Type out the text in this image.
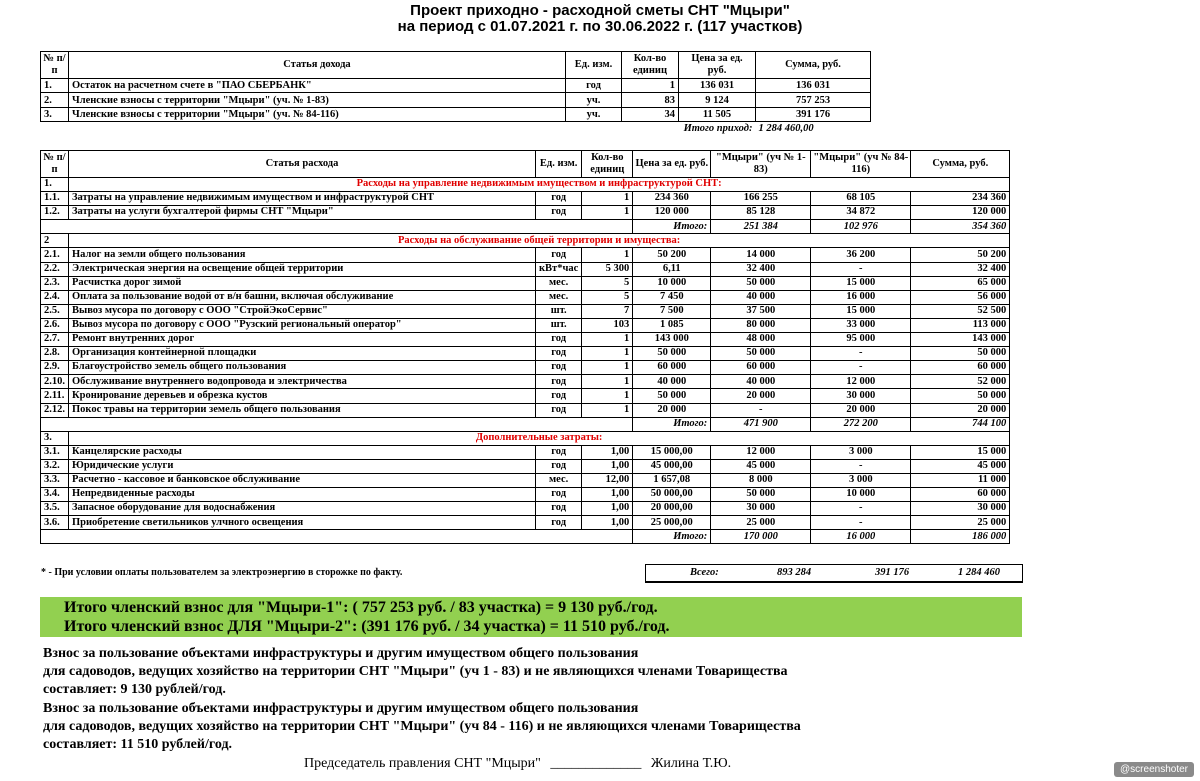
Проект приходно - расходной сметы СНТ "Мцыри"
на период с 01.07.2021 г. по 30.06.2022 г. (117 участков)
№ п/п	Статья дохода	Ед. изм.	Кол-во единиц	Цена за ед. руб.	Сумма, руб.
1.	Остаток на расчетном счете в "ПАО СБЕРБАНК"	год	1	136 031	136 031
2.	Членские взносы с территории "Мцыри" (уч. № 1-83)	уч.	83	9 124	757 253
3.	Членские взносы с территории "Мцыри" (уч. № 84-116)	уч.	34	11 505	391 176
				Итого приход:	1 284 460,00
№ п/п	Статья расхода	Ед. изм.	Кол-во единиц	Цена за ед. руб.	"Мцыри" (уч № 1-83)	"Мцыри" (уч № 84-116)	Сумма, руб.
1.	Расходы на управление недвижимым имуществом и инфраструктурой СНТ:						
1.1.	Затраты на управление недвижимым имуществом и инфраструктурой СНТ	год	1	234 360	166 255	68 105	234 360
1.2.	Затраты на услуги бухгалтерой фирмы СНТ "Мцыри"	год	1	120 000	85 128	34 872	120 000
				Итого:	251 384	102 976	354 360
2	Расходы на обслуживание общей территории и имущества:						
2.1.	Налог на земли общего пользования	год	1	50 200	14 000	36 200	50 200
2.2.	Электрическая энергия на освещение общей территории	кВт*час	5 300	6,11	32 400	-	32 400
2.3.	Расчистка дорог зимой	мес.	5	10 000	50 000	15 000	65 000
2.4.	Оплата за пользование водой от в/н башни, включая обслуживание	мес.	5	7 450	40 000	16 000	56 000
2.5.	Вывоз мусора по договору с ООО "СтройЭкоСервис"	шт.	7	7 500	37 500	15 000	52 500
2.6.	Вывоз мусора по договору с ООО "Рузский региональный оператор"	шт.	103	1 085	80 000	33 000	113 000
2.7.	Ремонт внутренних дорог	год	1	143 000	48 000	95 000	143 000
2.8.	Организация контейнерной площадки	год	1	50 000	50 000	-	50 000
2.9.	Благоустройство земель общего пользования	год	1	60 000	60 000	-	60 000
2.10.	Обслуживание внутреннего водопровода и электричества	год	1	40 000	40 000	12 000	52 000
2.11.	Кронирование деревьев и обрезка кустов	год	1	50 000	20 000	30 000	50 000
2.12.	Покос травы на территории земель общего пользования	год	1	20 000	-	20 000	20 000
				Итого:	471 900	272 200	744 100
3.	Дополнительные затраты:						
3.1.	Канцелярские расходы	год	1,00	15 000,00	12 000	3 000	15 000
3.2.	Юридические услуги	год	1,00	45 000,00	45 000	-	45 000
3.3.	Расчетно - кассовое и банковское обслуживание	мес.	12,00	1 657,08	8 000	3 000	11 000
3.4.	Непредвиденные расходы	год	1,00	50 000,00	50 000	10 000	60 000
3.5.	Запасное оборудование для водоснабжения	год	1,00	20 000,00	30 000	-	30 000
3.6.	Приобретение светильников улчного освещения	год	1,00	25 000,00	25 000	-	25 000
				Итого:	170 000	16 000	186 000
* - При условии оплаты пользователем за электроэнергию в сторожке по факту.	Всего:	893 284	391 176	1 284 460
Итого членский взнос для "Мцыри-1": ( 757 253 руб. / 83 участка) = 9 130 руб./год.
Итого членский взнос ДЛЯ "Мцыри-2": (391 176 руб. / 34 участка) = 11 510 руб./год.
Взнос за пользование объектами инфраструктуры и другим имуществом общего пользования
для садоводов, ведущих хозяйство на территории СНТ "Мцыри" (уч 1 - 83) и не являющихся членами Товарищества
составляет: 9 130 рублей/год.
Взнос за пользование объектами инфраструктуры и другим имуществом общего пользования
для садоводов, ведущих хозяйство на территории СНТ "Мцыри" (уч 84 - 116) и не являющихся членами Товарищества
составляет: 11 510 рублей/год.
Председатель правления СНТ "Мцыри" _____________ Жилина Т.Ю.	@screenshoter
